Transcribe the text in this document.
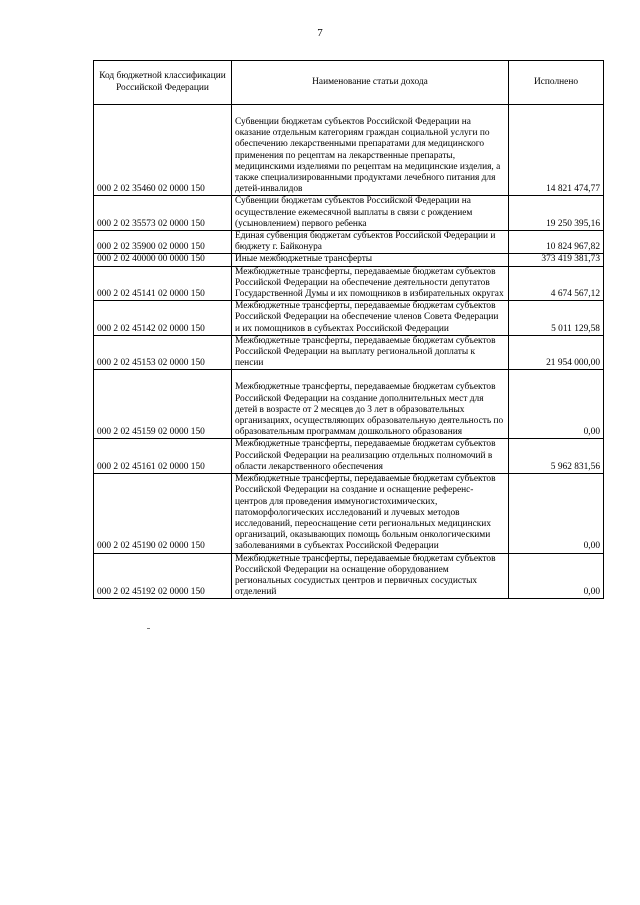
7
Код бюджетной классификации Российской Федерации	Наименование статьи дохода	Исполнено
000 2 02 35460 02 0000 150	Субвенции бюджетам субъектов Российской Федерации на оказание отдельным категориям граждан социальной услуги по обеспечению лекарственными препаратами для медицинского применения по рецептам на лекарственные препараты, медицинскими изделиями по рецептам на медицинские изделия, а также специализированными продуктами лечебного питания для детей-инвалидов	14 821 474,77
000 2 02 35573 02 0000 150	Субвенции бюджетам субъектов Российской Федерации на осуществление ежемесячной выплаты в связи с рождением (усыновлением) первого ребенка	19 250 395,16
000 2 02 35900 02 0000 150	Единая субвенция бюджетам субъектов Российской Федерации и бюджету г. Байконура	10 824 967,82
000 2 02 40000 00 0000 150	Иные межбюджетные трансферты	373 419 381,73
000 2 02 45141 02 0000 150	Межбюджетные трансферты, передаваемые бюджетам субъектов Российской Федерации на обеспечение деятельности депутатов Государственной Думы и их помощников в избирательных округах	4 674 567,12
000 2 02 45142 02 0000 150	Межбюджетные трансферты, передаваемые бюджетам субъектов Российской Федерации на обеспечение членов Совета Федерации и их помощников в субъектах Российской Федерации	5 011 129,58
000 2 02 45153 02 0000 150	Межбюджетные трансферты, передаваемые бюджетам субъектов Российской Федерации на выплату региональной доплаты к пенсии	21 954 000,00
000 2 02 45159 02 0000 150	Межбюджетные трансферты, передаваемые бюджетам субъектов Российской Федерации на создание дополнительных мест для детей в возрасте от 2 месяцев до 3 лет в образовательных организациях, осуществляющих образовательную деятельность по образовательным программам дошкольного образования	0,00
000 2 02 45161 02 0000 150	Межбюджетные трансферты, передаваемые бюджетам субъектов Российской Федерации на реализацию отдельных полномочий в области лекарственного обеспечения	5 962 831,56
000 2 02 45190 02 0000 150	Межбюджетные трансферты, передаваемые бюджетам субъектов Российской Федерации на создание и оснащение референс-центров для проведения иммуногистохимических, патоморфологических исследований и лучевых методов исследований, переоснащение сети региональных медицинских организаций, оказывающих помощь больным онкологическими заболеваниями в субъектах Российской Федерации	0,00
000 2 02 45192 02 0000 150	Межбюджетные трансферты, передаваемые бюджетам субъектов Российской Федерации на оснащение оборудованием региональных сосудистых центров и первичных сосудистых отделений	0,00
